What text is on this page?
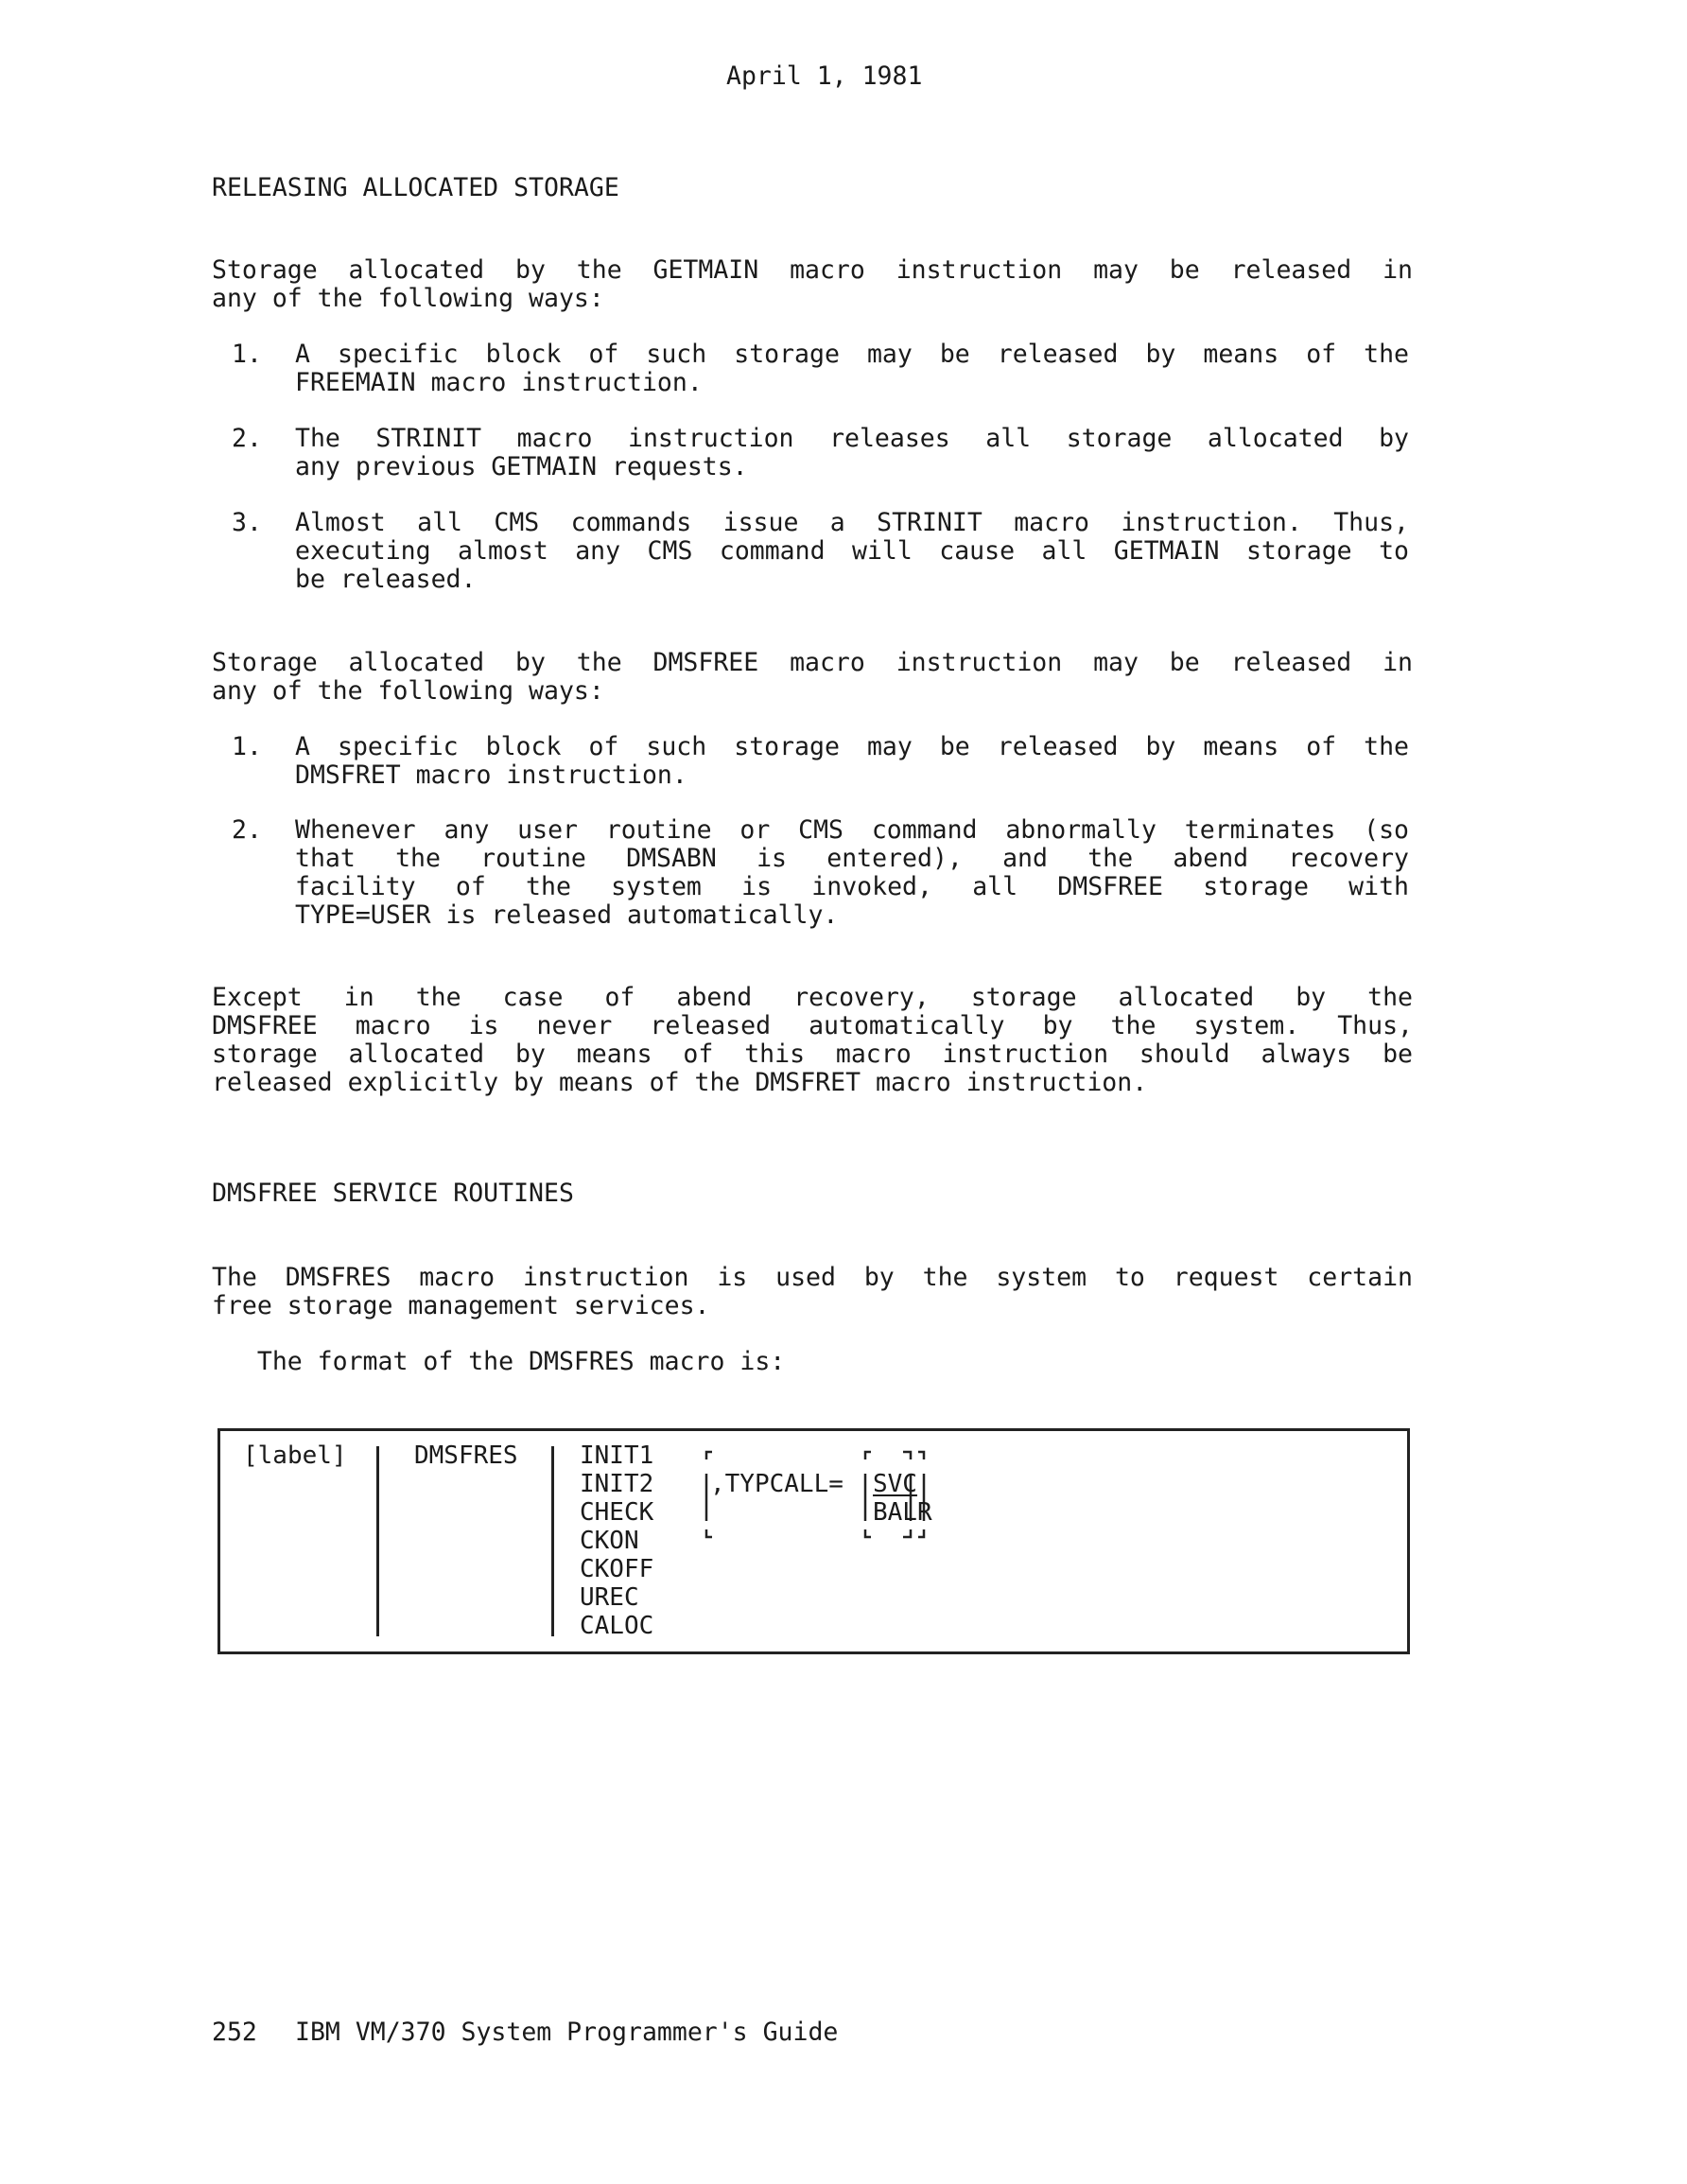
April 1, 1981
RELEASING ALLOCATED STORAGE
Storage allocated by the GETMAIN macro instruction may be released in
any of the following ways:
1. A specific block of such storage may be released by means of the
FREEMAIN macro instruction.
2. The STRINIT macro instruction releases all storage allocated by
any previous GETMAIN requests.
3. Almost all CMS commands issue a STRINIT macro instruction. Thus,
executing almost any CMS command will cause all GETMAIN storage to
be released.
Storage allocated by the DMSFREE macro instruction may be released in
any of the following ways:
1. A specific block of such storage may be released by means of the
DMSFRET macro instruction.
2. Whenever any user routine or CMS command abnormally terminates (so
that the routine DMSABN is entered), and the abend recovery
facility of the system is invoked, all DMSFREE storage with
TYPE=USER is released automatically.
Except in the case of abend recovery, storage allocated by the
DMSFREE macro is never released automatically by the system. Thus,
storage allocated by means of this macro instruction should always be
released explicitly by means of the DMSFRET macro instruction.
DMSFREE SERVICE ROUTINES
The DMSFRES macro instruction is used by the system to request certain
free storage management services.
The format of the DMSFRES macro is:
[label]	DMSFRES	INIT1
INIT2
CHECK
CKON
CKOFF
UREC
CALOC
,TYPCALL= SVC
BALR
252 IBM VM/370 System Programmer's Guide
